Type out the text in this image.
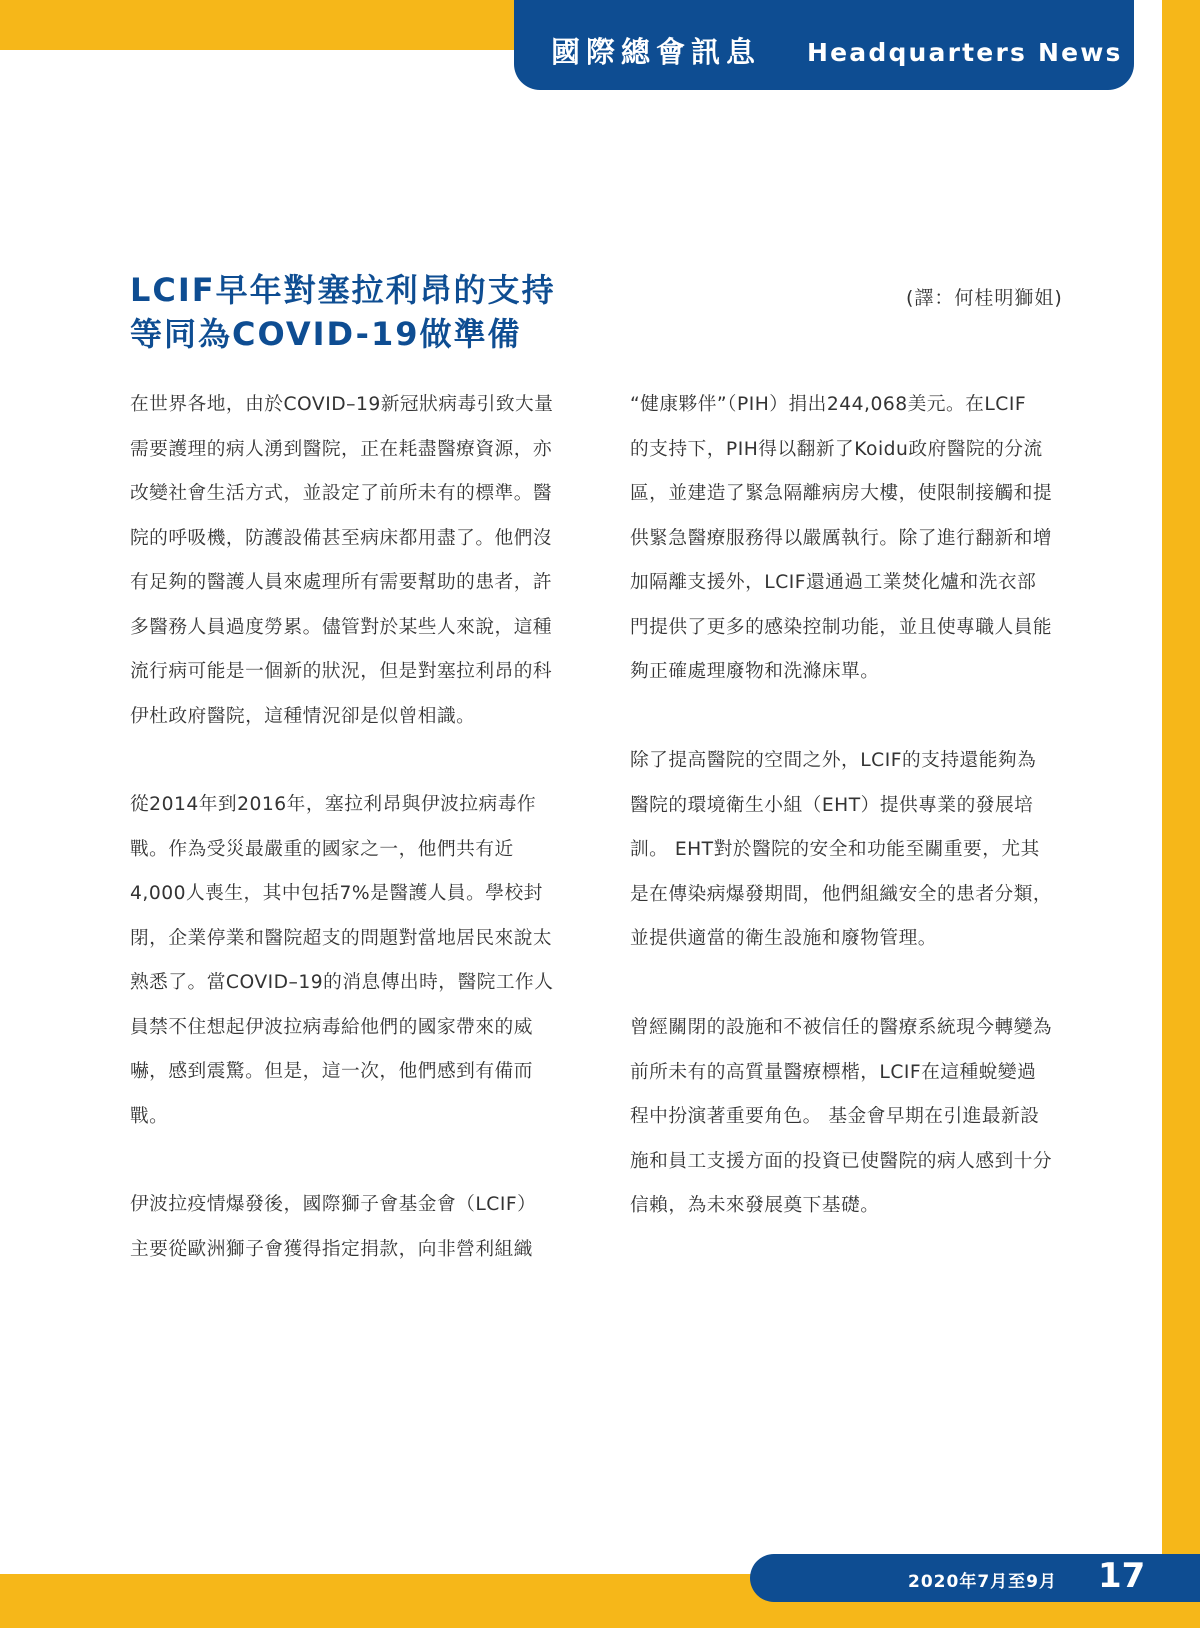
國際總會訊息 Headquarters News
LCIF早年對塞拉利昂的支持
等同為COVID-19做準備
(譯：何桂明獅姐)
在世界各地，由於COVID–19新冠狀病毒引致大量
需要護理的病人湧到醫院，正在耗盡醫療資源，亦
改變社會生活方式，並設定了前所未有的標準。醫
院的呼吸機，防護設備甚至病床都用盡了。他們沒
有足夠的醫護人員來處理所有需要幫助的患者，許
多醫務人員過度勞累。儘管對於某些人來說，這種
流行病可能是一個新的狀況，但是對塞拉利昂的科
伊杜政府醫院，這種情況卻是似曾相識。
從2014年到2016年，塞拉利昂與伊波拉病毒作
戰。作為受災最嚴重的國家之一，他們共有近
4,000人喪生，其中包括7%是醫護人員。學校封
閉，企業停業和醫院超支的問題對當地居民來說太
熟悉了。當COVID–19的消息傳出時，醫院工作人
員禁不住想起伊波拉病毒給他們的國家帶來的威
嚇，感到震驚。但是，這一次，他們感到有備而
戰。
伊波拉疫情爆發後，國際獅子會基金會（LCIF）
主要從歐洲獅子會獲得指定捐款，向非營利組織
“健康夥伴”（PIH）捐出244,068美元。在LCIF
的支持下，PIH得以翻新了Koidu政府醫院的分流
區，並建造了緊急隔離病房大樓，使限制接觸和提
供緊急醫療服務得以嚴厲執行。除了進行翻新和增
加隔離支援外，LCIF還通過工業焚化爐和洗衣部
門提供了更多的感染控制功能，並且使專職人員能
夠正確處理廢物和洗滌床單。
除了提高醫院的空間之外，LCIF的支持還能夠為
醫院的環境衛生小組（EHT）提供專業的發展培
訓。 EHT對於醫院的安全和功能至關重要，尤其
是在傳染病爆發期間，他們組織安全的患者分類，
並提供適當的衛生設施和廢物管理。
曾經關閉的設施和不被信任的醫療系統現今轉變為
前所未有的高質量醫療標楷，LCIF在這種蛻變過
程中扮演著重要角色。 基金會早期在引進最新設
施和員工支援方面的投資已使醫院的病人感到十分
信賴，為未來發展奠下基礎。
2020年7月至9月 17
